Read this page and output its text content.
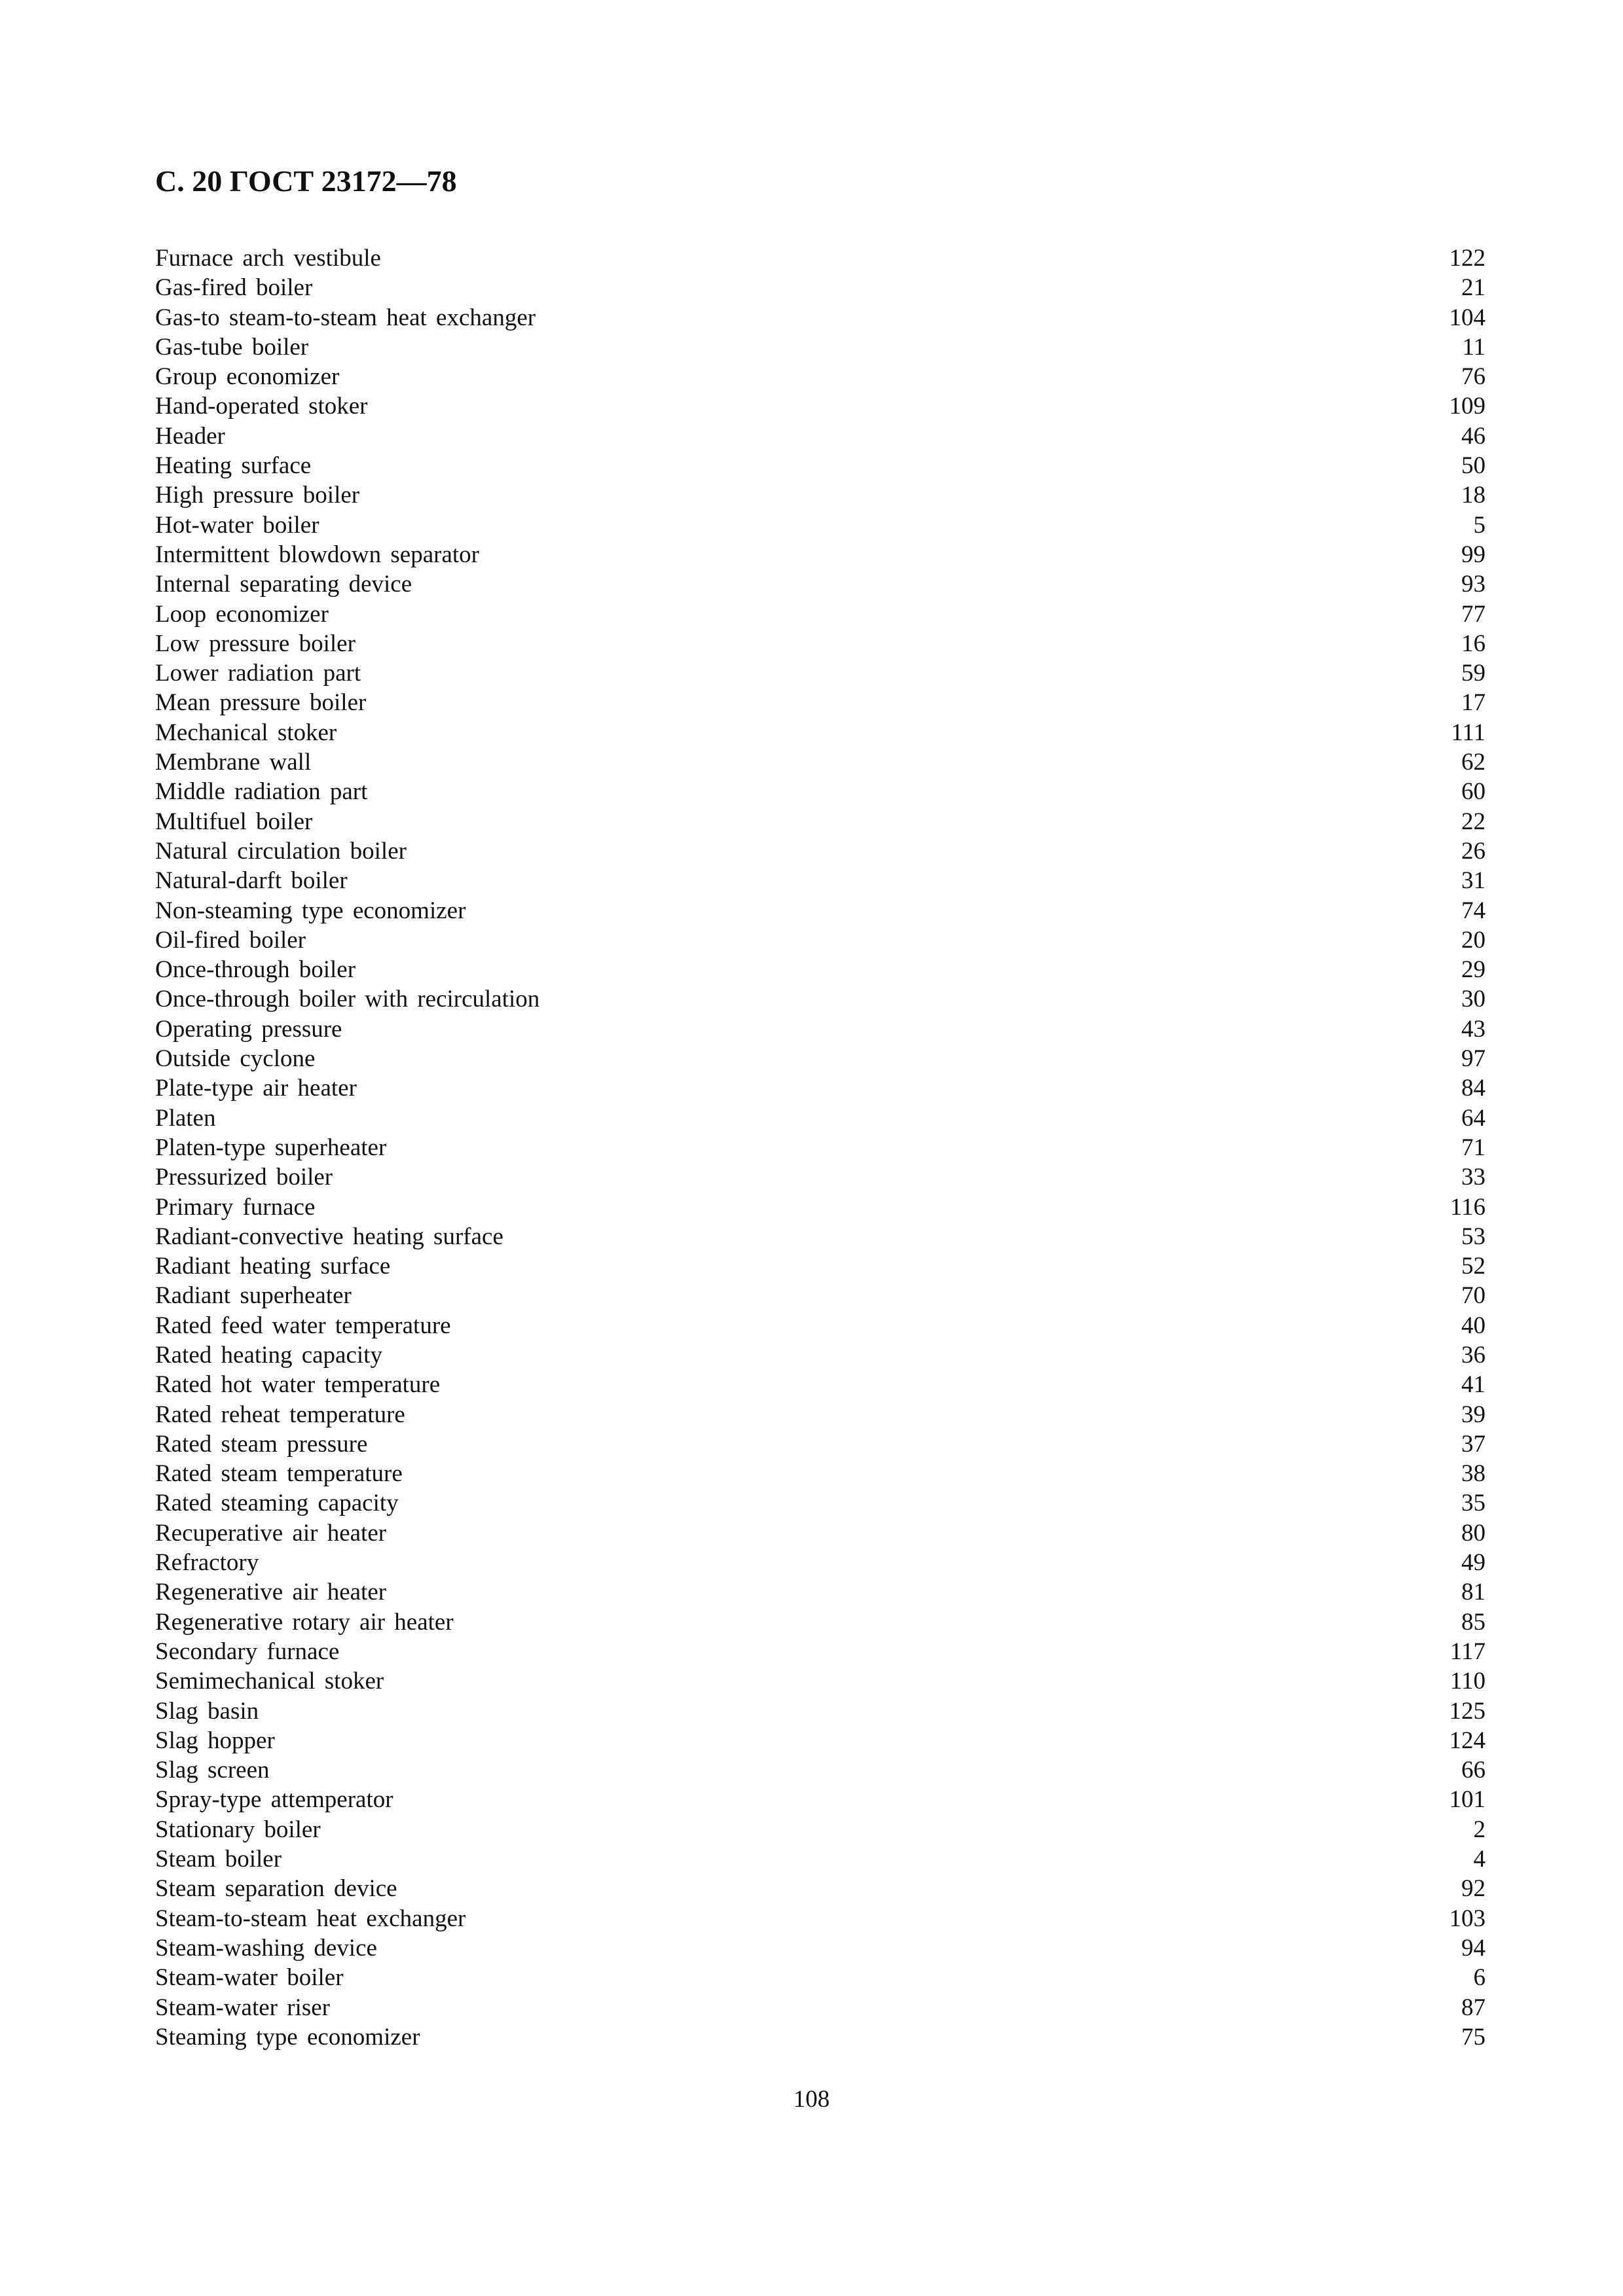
С. 20 ГОСТ 23172—78
Furnace arch vestibule	122
Gas-fired boiler	21
Gas-to steam-to-steam heat exchanger	104
Gas-tube boiler	11
Group economizer	76
Hand-operated stoker	109
Header	46
Heating surface	50
High pressure boiler	18
Hot-water boiler	5
Intermittent blowdown separator	99
Internal separating device	93
Loop economizer	77
Low pressure boiler	16
Lower radiation part	59
Mean pressure boiler	17
Mechanical stoker	111
Membrane wall	62
Middle radiation part	60
Multifuel boiler	22
Natural circulation boiler	26
Natural-darft boiler	31
Non-steaming type economizer	74
Oil-fired boiler	20
Once-through boiler	29
Once-through boiler with recirculation	30
Operating pressure	43
Outside cyclone	97
Plate-type air heater	84
Platen	64
Platen-type superheater	71
Pressurized boiler	33
Primary furnace	116
Radiant-convective heating surface	53
Radiant heating surface	52
Radiant superheater	70
Rated feed water temperature	40
Rated heating capacity	36
Rated hot water temperature	41
Rated reheat temperature	39
Rated steam pressure	37
Rated steam temperature	38
Rated steaming capacity	35
Recuperative air heater	80
Refractory	49
Regenerative air heater	81
Regenerative rotary air heater	85
Secondary furnace	117
Semimechanical stoker	110
Slag basin	125
Slag hopper	124
Slag screen	66
Spray-type attemperator	101
Stationary boiler	2
Steam boiler	4
Steam separation device	92
Steam-to-steam heat exchanger	103
Steam-washing device	94
Steam-water boiler	6
Steam-water riser	87
Steaming type economizer	75
108
